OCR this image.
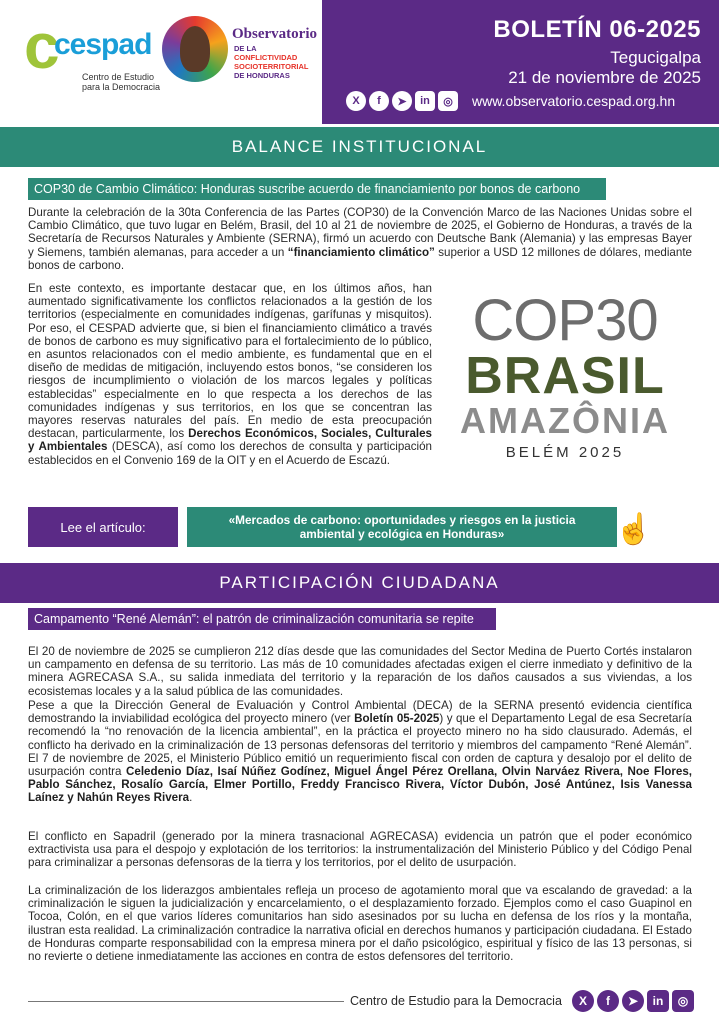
c
cespad
Centro de Estudio para la Democracia
Observatorio
DE LA CONFLICTIVIDAD
SOCIOTERRITORIAL
DE HONDURAS
BOLETÍN 06-2025
Tegucigalpa
21 de noviembre de 2025
X	f	➤	in	◎	www.observatorio.cespad.org.hn
BALANCE INSTITUCIONAL
COP30 de Cambio Climático: Honduras suscribe acuerdo de financiamiento por bonos de carbono
Durante la celebración de la 30ta Conferencia de las Partes (COP30) de la Convención Marco de las Naciones Unidas sobre el Cambio Climático, que tuvo lugar en Belém, Brasil, del 10 al 21 de noviembre de 2025, el Gobierno de Honduras, a través de la Secretaría de Recursos Naturales y Ambiente (SERNA), firmó un acuerdo con Deutsche Bank (Alemania) y las empresas Bayer y Siemens, también alemanas, para acceder a un “financiamiento climático” superior a USD 12 millones de dólares, mediante bonos de carbono.
En este contexto, es importante destacar que, en los últimos años, han aumentado significativamente los conflictos relacionados a la gestión de los territorios (especialmente en comunidades indígenas, garífunas y misquitos). Por eso, el CESPAD advierte que, si bien el financiamiento climático a través de bonos de carbono es muy significativo para el fortalecimiento de lo público, en asuntos relacionados con el medio ambiente, es fundamental que en el diseño de medidas de mitigación, incluyendo estos bonos, “se consideren los riesgos de incumplimiento o violación de los marcos legales y políticas establecidas” especialmente en lo que respecta a los derechos de las comunidades indígenas y sus territorios, en los que se concentran las mayores reservas naturales del país. En medio de esta preocupación destacan, particularmente, los Derechos Económicos, Sociales, Culturales y Ambientales (DESCA), así como los derechos de consulta y participación establecidos en el Convenio 169 de la OIT y en el Acuerdo de Escazú.
COP30
BRASIL
AMAZÔNIA
BELÉM 2025
Lee el artículo:	«Mercados de carbono: oportunidades y riesgos en la justicia ambiental y ecológica en Honduras»	☝
PARTICIPACIÓN CIUDADANA
Campamento “René Alemán”: el patrón de criminalización comunitaria se repite
El 20 de noviembre de 2025 se cumplieron 212 días desde que las comunidades del Sector Medina de Puerto Cortés instalaron un campamento en defensa de su territorio. Las más de 10 comunidades afectadas exigen el cierre inmediato y definitivo de la minera AGRECASA S.A., su salida inmediata del territorio y la reparación de los daños causados a sus viviendas, a los ecosistemas locales y a la salud pública de las comunidades.
Pese a que la Dirección General de Evaluación y Control Ambiental (DECA) de la SERNA presentó evidencia científica demostrando la inviabilidad ecológica del proyecto minero (ver Boletín 05-2025) y que el Departamento Legal de esa Secretaría recomendó la “no renovación de la licencia ambiental”, en la práctica el proyecto minero no ha sido clausurado. Además, el conflicto ha derivado en la criminalización de 13 personas defensoras del territorio y miembros del campamento “René Alemán”. El 7 de noviembre de 2025, el Ministerio Público emitió un requerimiento fiscal con orden de captura y desalojo por el delito de usurpación contra Celedenio Díaz, Isaí Núñez Godínez, Miguel Ángel Pérez Orellana, Olvin Narváez Rivera, Noe Flores, Pablo Sánchez, Rosalío García, Elmer Portillo, Freddy Francisco Rivera, Víctor Dubón, José Antúnez, Isis Vanessa Laínez y Nahún Reyes Rivera.
El conflicto en Sapadril (generado por la minera trasnacional AGRECASA) evidencia un patrón que el poder económico extractivista usa para el despojo y explotación de los territorios: la instrumentalización del Ministerio Público y del Código Penal para criminalizar a personas defensoras de la tierra y los territorios, por el delito de usurpación.
La criminalización de los liderazgos ambientales refleja un proceso de agotamiento moral que va escalando de gravedad: a la criminalización le siguen la judicialización y encarcelamiento, o el desplazamiento forzado. Ejemplos como el caso Guapinol en Tocoa, Colón, en el que varios líderes comunitarios han sido asesinados por su lucha en defensa de los ríos y la montaña, ilustran esta realidad. La criminalización contradice la narrativa oficial en derechos humanos y participación ciudadana. El Estado de Honduras comparte responsabilidad con la empresa minera por el daño psicológico, espiritual y físico de las 13 personas, si no revierte o detiene inmediatamente las acciones en contra de estos defensores del territorio.
Centro de Estudio para la Democracia	X	f	➤	in	◎
